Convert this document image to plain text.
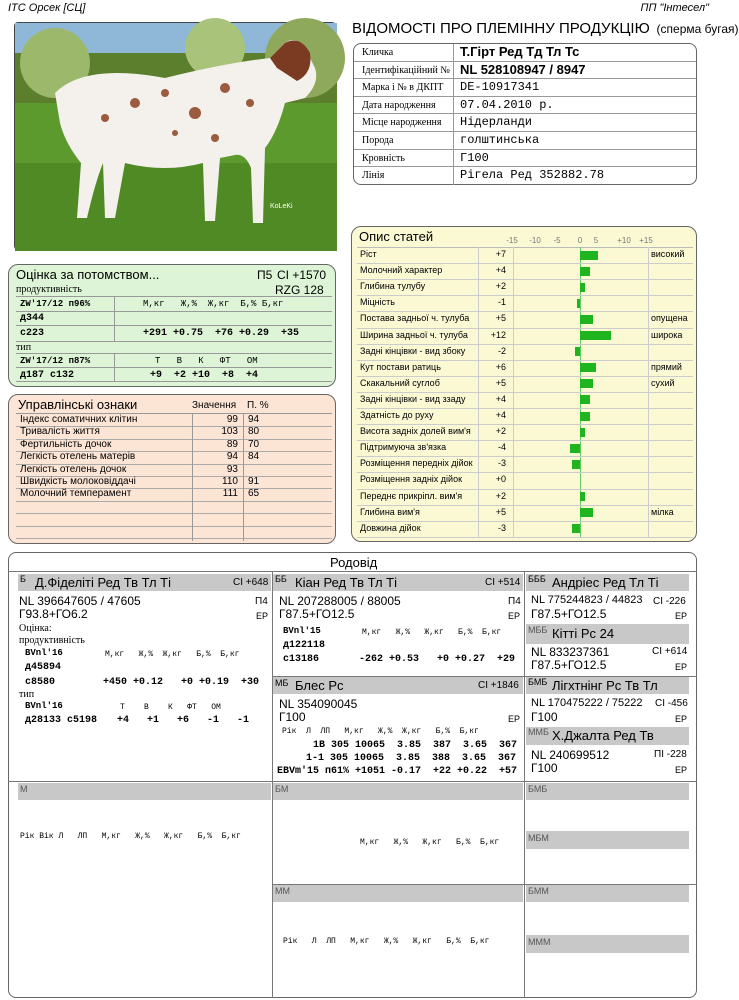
ІТС Орсек [СЦ]	ПП "Інтесел"
ВІДОМОСТІ ПРО ПЛЕМІННУ ПРОДУКЦІЮ (сперма бугая)
KoLeKi
Кличка	Т.Гірт Ред Тд Тл Тс
Ідентифікаційний № NL 528108947 / 8947
Марка і № в ДКПТ	DE-10917341
Дата народження	07.04.2010 р.
Місце народження	Нідерланди
Порода	голштинська
Кровність	Г100
Лінія	Рігела Ред 352882.78
Оцінка за потомством...	П5 CI +1570
продуктивність	RZG 128
ZW'17/12 п96%	М,кг   Ж,%  Ж,кг  Б,% Б,кг
д344
с223	+291 +0.75  +76 +0.29  +35
тип
ZW'17/12 п87%	Т   В   К   ФТ   ОМ
д187 с132	+9  +2 +10  +8  +4
Управлінські ознаки	Значення П. %
Індекс соматичних клітин	99 94
Тривалість життя	103 80
Фертильність дочок	89 70
Легкість отелень матерів	94 84
Легкість отелень дочок	93
Швидкість молоковіддачі	110 91
Молочний темперамент	111 65
Опис статей	-15 -10	-5	0	5	+10 +15
Ріст	+7	високий
Молочний характер	+4
Глибина тулубу	+2
Міцність	-1
Постава задньої ч. тулуба	+5	опущена
Ширина задньої ч. тулуба	+12	широка
Задні кінцівки - вид збоку	-2
Кут постави ратиць	+6	прямий
Скакальний суглоб	+5	сухий
Задні кінцівки - вид ззаду	+4
Здатність до руху	+4
Висота задніх долей вим'я	+2
Підтримуюча зв'язка	-4
Розміщення передніх дійок	-3
Розміщення задніх дійок	+0
Переднє прикріпл. вим'я	+2
Глибина вим'я	+5	мілка
Довжина дійок	-3
Родовід
Б Д.Фіделіті Ред Тв Тл Ті	CI +648
NL 396647605 / 47605	П4
Г93.8+ГО6.2	ЕР
Оцінка:
продуктивність
BVnl'16	М,кг   Ж,%  Ж,кг   Б,%  Б,кг
д45894
с8580	+450 +0.12   +0 +0.19  +30
тип
BVnl'16	Т    В    К   ФТ   ОМ
д28133 с5198 +4   +1   +6   -1   -1
ББ Кіан Ред Тв Тл Ті	CI +514
NL 207288005 / 88005	П4
Г87.5+ГО12.5	ЕР
BVnl'15	М,кг   Ж,%   Ж,кг   Б,%  Б,кг
д122118
с13186	-262 +0.53   +0 +0.27  +29
БББ Андріес Ред Тл Ті
NL 775244823 / 44823 CI -226
Г87.5+ГО12.5	ЕР
МББ Кітті Рс 24
NL 833237361	CI +614
Г87.5+ГО12.5	ЕР
МБ Блес Рс	CI +1846
NL 354090045
Г100	ЕР
Рік  Л  ЛП   М,кг   Ж,%  Ж,кг   Б,%  Б,кг
1В 305 10065  3.85  387  3.65  367
1-1 305 10065  3.85  388  3.65  367
EBVm'15 п61% +1051 -0.17  +22 +0.22  +57
БМБ Лігхтнінг Рс Тв Тл
NL 170475222 / 75222 CI -456
Г100	ЕР
ММБ Х.Джалта Ред Тв
NL 240699512	ПІ -228
Г100	ЕР
М
Рік Вік Л   ЛП   М,кг   Ж,%   Ж,кг   Б,%  Б,кг
БМ
М,кг   Ж,%   Ж,кг   Б,%  Б,кг
БМБ
МБМ
ММ
Рік   Л  ЛП   М,кг   Ж,%   Ж,кг   Б,%  Б,кг
БММ
МММ
